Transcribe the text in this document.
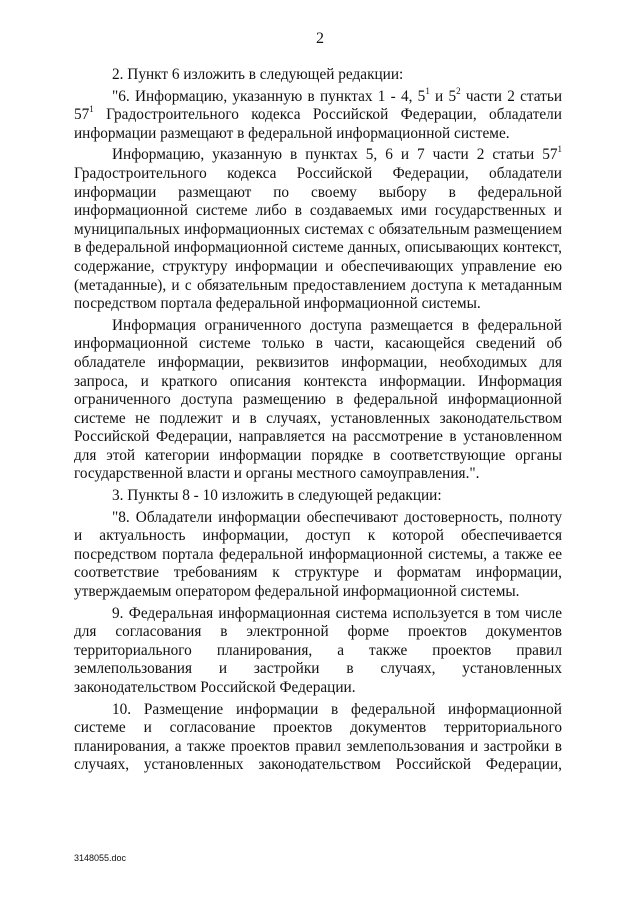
2

2. Пункт 6 изложить в следующей редакции:

"6. Информацию, указанную в пунктах 1 - 4, $5^1$ и $5^2$ части 2 статьи $57^1$ Градостроительного кодекса Российской Федерации, обладатели информации размещают в федеральной информационной системе.

Информацию, указанную в пунктах 5, 6 и 7 части 2 статьи $57^1$ Градостроительного кодекса Российской Федерации, обладатели информации размещают по своему выбору в федеральной информационной системе либо в создаваемых ими государственных и муниципальных информационных системах с обязательным размещением в федеральной информационной системе данных, описывающих контекст, содержание, структуру информации и обеспечивающих управление ею (метаданные), и с обязательным предоставлением доступа к метаданным посредством портала федеральной информационной системы.

Информация ограниченного доступа размещается в федеральной информационной системе только в части, касающейся сведений об обладателе информации, реквизитов информации, необходимых для запроса, и краткого описания контекста информации. Информация ограниченного доступа размещению в федеральной информационной системе не подлежит и в случаях, установленных законодательством Российской Федерации, направляется на рассмотрение в установленном для этой категории информации порядке в соответствующие органы государственной власти и органы местного самоуправления.".

3. Пункты 8 - 10 изложить в следующей редакции:

"8. Обладатели информации обеспечивают достоверность, полноту и актуальность информации, доступ к которой обеспечивается посредством портала федеральной информационной системы, а также ее соответствие требованиям к структуре и форматам информации, утверждаемым оператором федеральной информационной системы.

9. Федеральная информационная система используется в том числе для согласования в электронной форме проектов документов территориального планирования, а также проектов правил землепользования и застройки в случаях, установленных законодательством Российской Федерации.

10. Размещение информации в федеральной информационной системе и согласование проектов документов территориального планирования, а также проектов правил землепользования и застройки в случаях, установленных законодательством Российской Федерации,

3148055.doc
